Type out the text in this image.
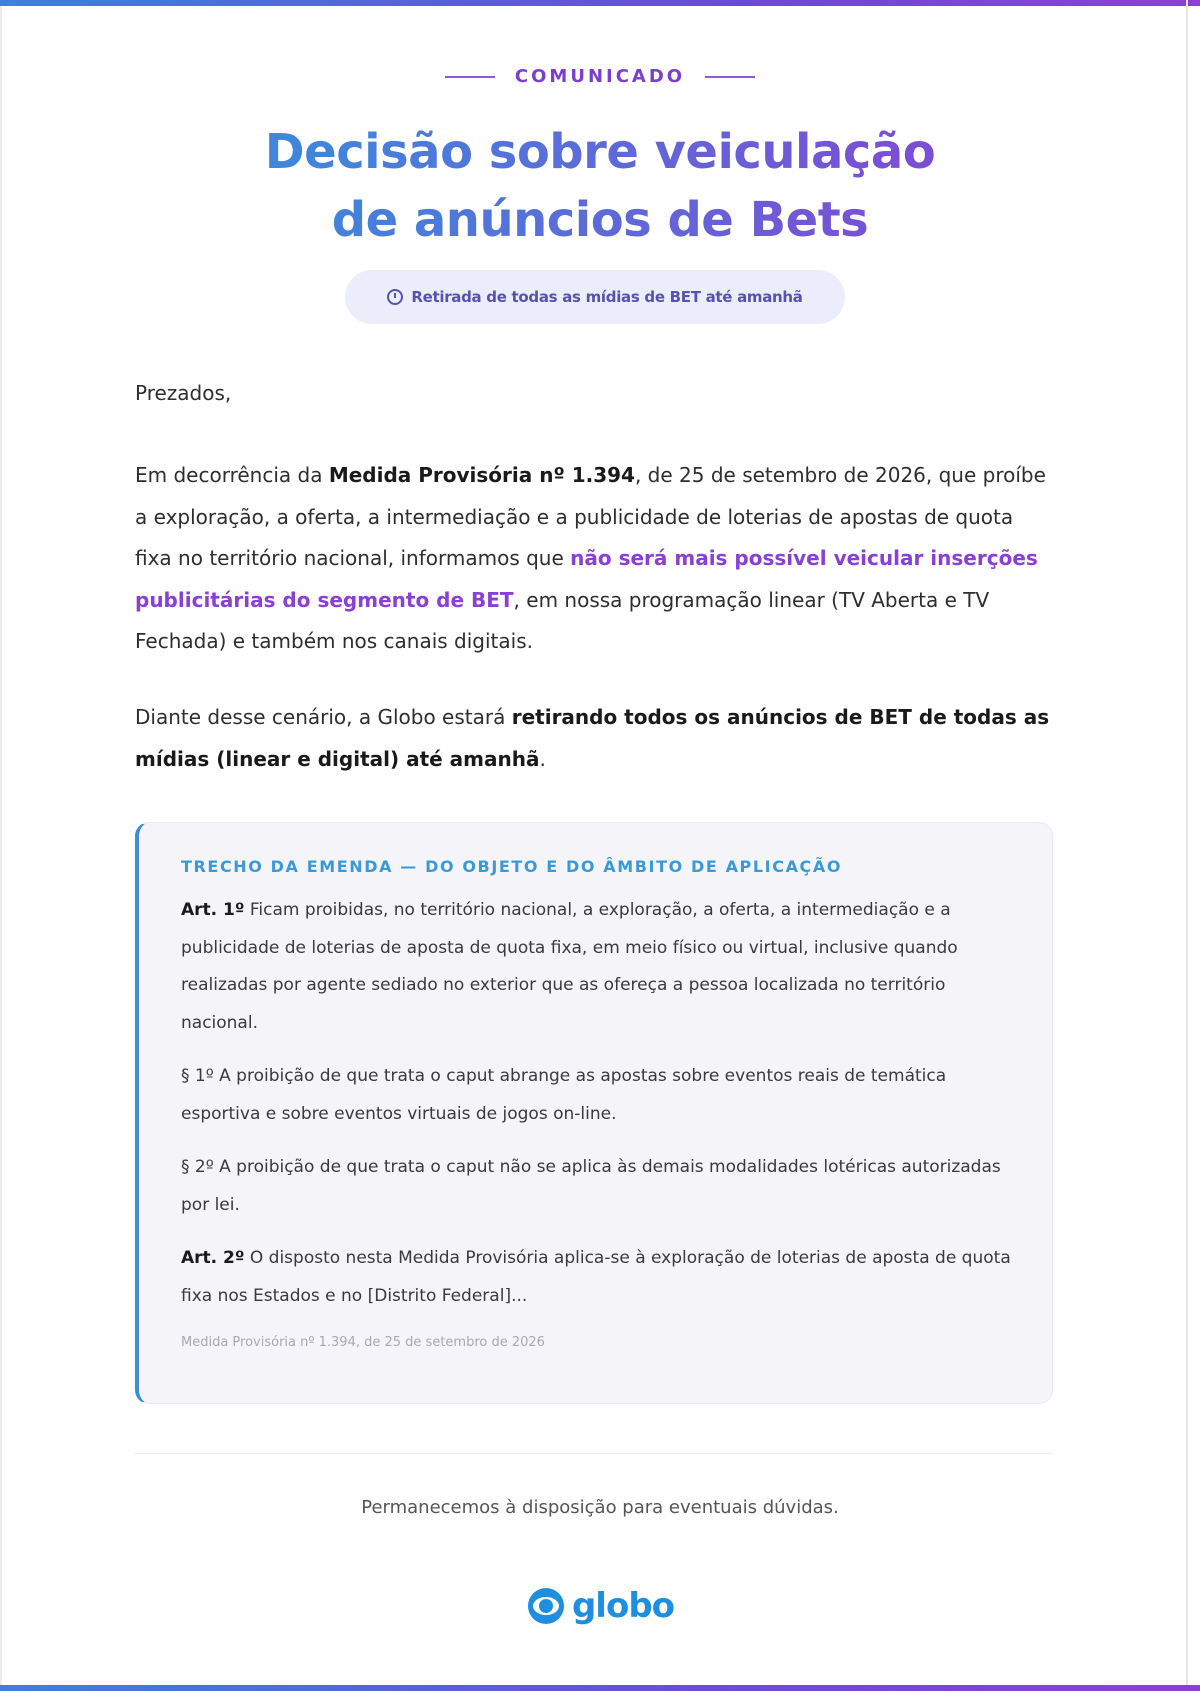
COMUNICADO
Decisão sobre veiculação
de anúncios de Bets
Retirada de todas as mídias de BET até amanhã
Prezados,
Em decorrência da Medida Provisória nº 1.394, de 25 de setembro de 2026, que proíbe a exploração, a oferta, a intermediação e a publicidade de loterias de apostas de quota fixa no território nacional, informamos que não será mais possível veicular inserções publicitárias do segmento de BET, em nossa programação linear (TV Aberta e TV Fechada) e também nos canais digitais.
Diante desse cenário, a Globo estará retirando todos os anúncios de BET de todas as mídias (linear e digital) até amanhã.
TRECHO DA EMENDA — DO OBJETO E DO ÂMBITO DE APLICAÇÃO

Art. 1º Ficam proibidas, no território nacional, a exploração, a oferta, a intermediação e a publicidade de loterias de aposta de quota fixa, em meio físico ou virtual, inclusive quando realizadas por agente sediado no exterior que as ofereça a pessoa localizada no território nacional.

§ 1º A proibição de que trata o caput abrange as apostas sobre eventos reais de temática esportiva e sobre eventos virtuais de jogos on-line.

§ 2º A proibição de que trata o caput não se aplica às demais modalidades lotéricas autorizadas por lei.

Art. 2º O disposto nesta Medida Provisória aplica-se à exploração de loterias de aposta de quota fixa nos Estados e no [Distrito Federal]...

Medida Provisória nº 1.394, de 25 de setembro de 2026
Permanecemos à disposição para eventuais dúvidas.
globo
